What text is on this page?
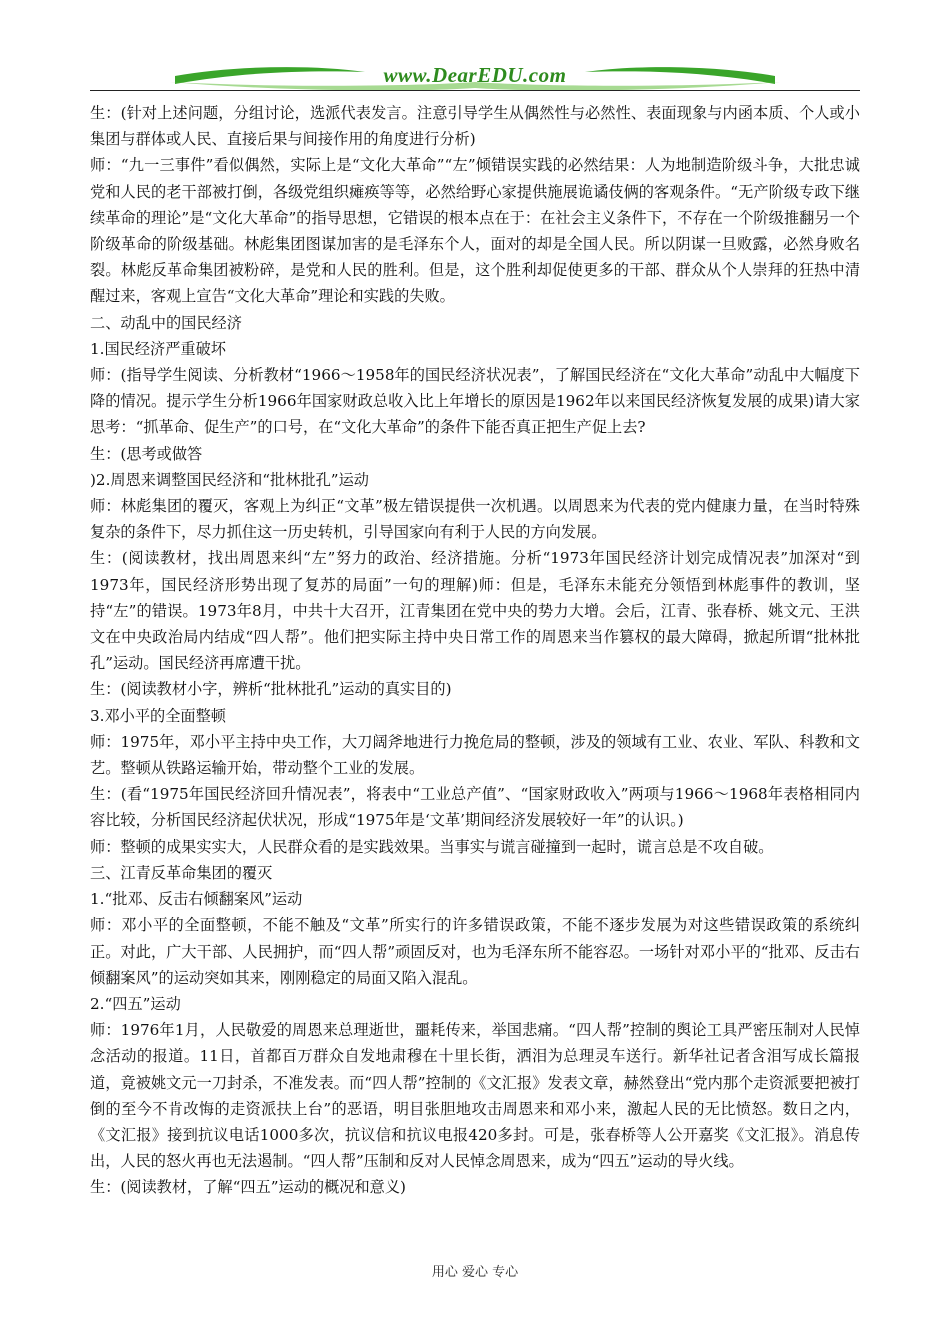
www.DearEDU.com

生：(针对上述问题，分组讨论，选派代表发言。注意引导学生从偶然性与必然性、表面现象与内函本质、个人或小集团与群体或人民、直接后果与间接作用的角度进行分析)

师：“九一三事件”看似偶然，实际上是“文化大革命”“左”倾错误实践的必然结果：人为地制造阶级斗争，大批忠诚党和人民的老干部被打倒，各级党组织瘫痪等等，必然给野心家提供施展诡谲伎俩的客观条件。“无产阶级专政下继续革命的理论”是“文化大革命”的指导思想，它错误的根本点在于：在社会主义条件下，不存在一个阶级推翻另一个阶级革命的阶级基础。林彪集团图谋加害的是毛泽东个人，面对的却是全国人民。所以阴谋一旦败露，必然身败名裂。林彪反革命集团被粉碎，是党和人民的胜利。但是，这个胜利却促使更多的干部、群众从个人崇拜的狂热中清醒过来，客观上宣告“文化大革命”理论和实践的失败。

二、动乱中的国民经济

1.国民经济严重破坏

师：(指导学生阅读、分析教材“1966～1958年的国民经济状况表”，了解国民经济在“文化大革命”动乱中大幅度下降的情况。提示学生分析1966年国家财政总收入比上年增长的原因是1962年以来国民经济恢复发展的成果)请大家思考：“抓革命、促生产”的口号，在“文化大革命”的条件下能否真正把生产促上去?

生：(思考或做答

)2.周恩来调整国民经济和“批林批孔”运动

师：林彪集团的覆灭，客观上为纠正“文革”极左错误提供一次机遇。以周恩来为代表的党内健康力量，在当时特殊复杂的条件下，尽力抓住这一历史转机，引导国家向有利于人民的方向发展。

生：(阅读教材，找出周恩来纠“左”努力的政治、经济措施。分析“1973年国民经济计划完成情况表”加深对“到1973年，国民经济形势出现了复苏的局面”一句的理解)师：但是，毛泽东未能充分领悟到林彪事件的教训，坚持“左”的错误。1973年8月，中共十大召开，江青集团在党中央的势力大增。会后，江青、张春桥、姚文元、王洪文在中央政治局内结成“四人帮”。他们把实际主持中央日常工作的周恩来当作篡权的最大障碍，掀起所谓“批林批孔”运动。国民经济再席遭干扰。

生：(阅读教材小字，辨析“批林批孔”运动的真实目的)

3.邓小平的全面整顿

师：1975年，邓小平主持中央工作，大刀阔斧地进行力挽危局的整顿，涉及的领域有工业、农业、军队、科教和文艺。整顿从铁路运输开始，带动整个工业的发展。

生：(看“1975年国民经济回升情况表”，将表中“工业总产值”、“国家财政收入”两项与1966～1968年表格相同内容比较，分析国民经济起伏状况，形成“1975年是‘文革’期间经济发展较好一年”的认识。)

师：整顿的成果实实大，人民群众看的是实践效果。当事实与谎言碰撞到一起时，谎言总是不攻自破。

三、江青反革命集团的覆灭

1.“批邓、反击右倾翻案风”运动

师：邓小平的全面整顿，不能不触及“文革”所实行的许多错误政策，不能不逐步发展为对这些错误政策的系统纠正。对此，广大干部、人民拥护，而“四人帮”顽固反对，也为毛泽东所不能容忍。一场针对邓小平的“批邓、反击右倾翻案风”的运动突如其来，刚刚稳定的局面又陷入混乱。

2.“四五”运动

师：1976年1月，人民敬爱的周恩来总理逝世，噩耗传来，举国悲痛。“四人帮”控制的舆论工具严密压制对人民悼念活动的报道。11日，首都百万群众自发地肃穆在十里长街，洒泪为总理灵车送行。新华社记者含泪写成长篇报道，竟被姚文元一刀封杀，不准发表。而“四人帮”控制的《文汇报》发表文章，赫然登出“党内那个走资派要把被打倒的至今不肯改悔的走资派扶上台”的恶语，明目张胆地攻击周恩来和邓小来，激起人民的无比愤怒。数日之内，《文汇报》接到抗议电话1000多次，抗议信和抗议电报420多封。可是，张春桥等人公开嘉奖《文汇报》。消息传出，人民的怒火再也无法遏制。“四人帮”压制和反对人民悼念周恩来，成为“四五”运动的导火线。

生：(阅读教材，了解“四五”运动的概况和意义)

用心 爱心 专心
